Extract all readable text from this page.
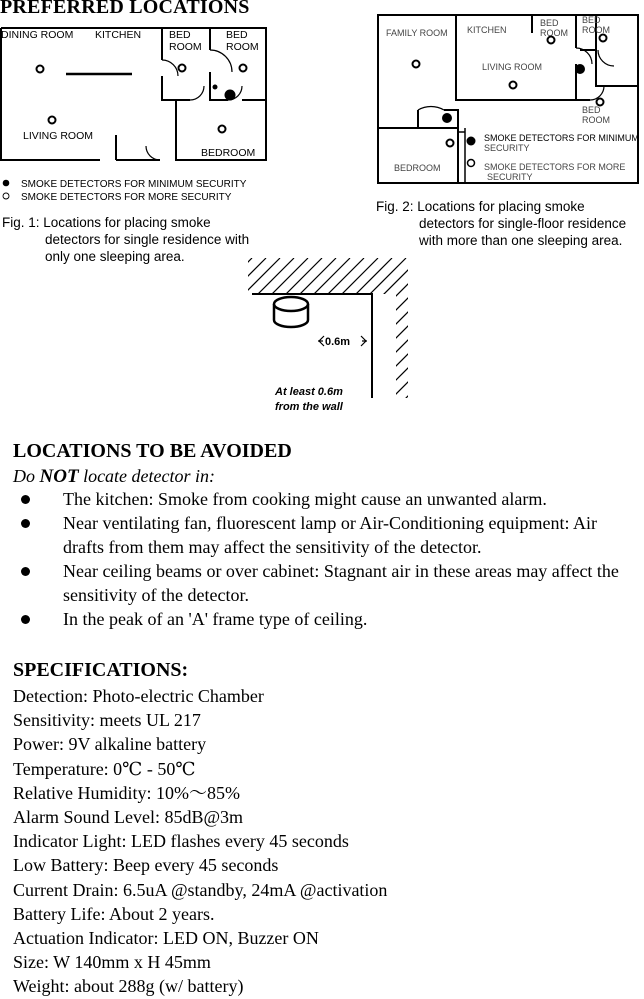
PREFERRED LOCATIONS
DINING ROOM KITCHEN	BED
ROOM
BED
ROOM
LIVING ROOM
BEDROOM
SMOKE DETECTORS FOR MINIMUM SECURITY
SMOKE DETECTORS FOR MORE SECURITY
Fig. 1: Locations for placing smoke
detectors for single residence with
only one sleeping area.
FAMILY ROOM KITCHEN
BED
ROOM
BED
ROOM
LIVING ROOM
BED
ROOM
BEDROOM
SMOKE DETECTORS FOR MINIMUM
SECURITY
SMOKE DETECTORS FOR MORE
SECURITY
Fig. 2: Locations for placing smoke
detectors for single-floor residence
with more than one sleeping area.
0.6m
At least 0.6m
from the wall
LOCATIONS TO BE AVOIDED
Do NOT locate detector in:
The kitchen: Smoke from cooking might cause an unwanted alarm.
Near ventilating fan, fluorescent lamp or Air-Conditioning equipment: Air
drafts from them may affect the sensitivity of the detector.
Near ceiling beams or over cabinet: Stagnant air in these areas may affect the
sensitivity of the detector.
In the peak of an 'A' frame type of ceiling.
SPECIFICATIONS:
Detection: Photo-electric Chamber
Sensitivity: meets UL 217
Power: 9V alkaline battery
Temperature: 0℃ - 50℃
Relative Humidity: 10%～85%
Alarm Sound Level: 85dB@3m
Indicator Light: LED flashes every 45 seconds
Low Battery: Beep every 45 seconds
Current Drain: 6.5uA @standby, 24mA @activation
Battery Life: About 2 years.
Actuation Indicator: LED ON, Buzzer ON
Size: W 140mm x H 45mm
Weight: about 288g (w/ battery)
